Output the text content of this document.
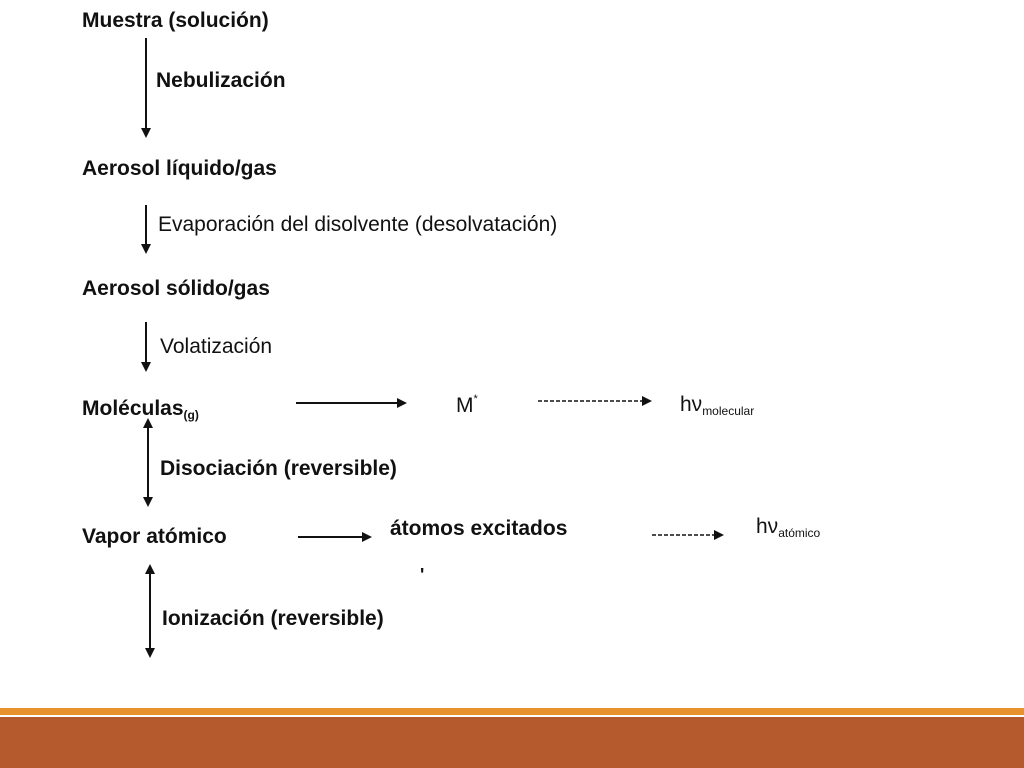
Muestra (solución)
Nebulización
Aerosol líquido/gas
Evaporación del disolvente (desolvatación)
Aerosol sólido/gas
Volatización
Moléculas$_{(g)}$	M*	$h\nu_{molecular}$
Disociación (reversible)
Vapor atómico	átomos excitados	$h\nu_{atómico}$
'
Ionización (reversible)
